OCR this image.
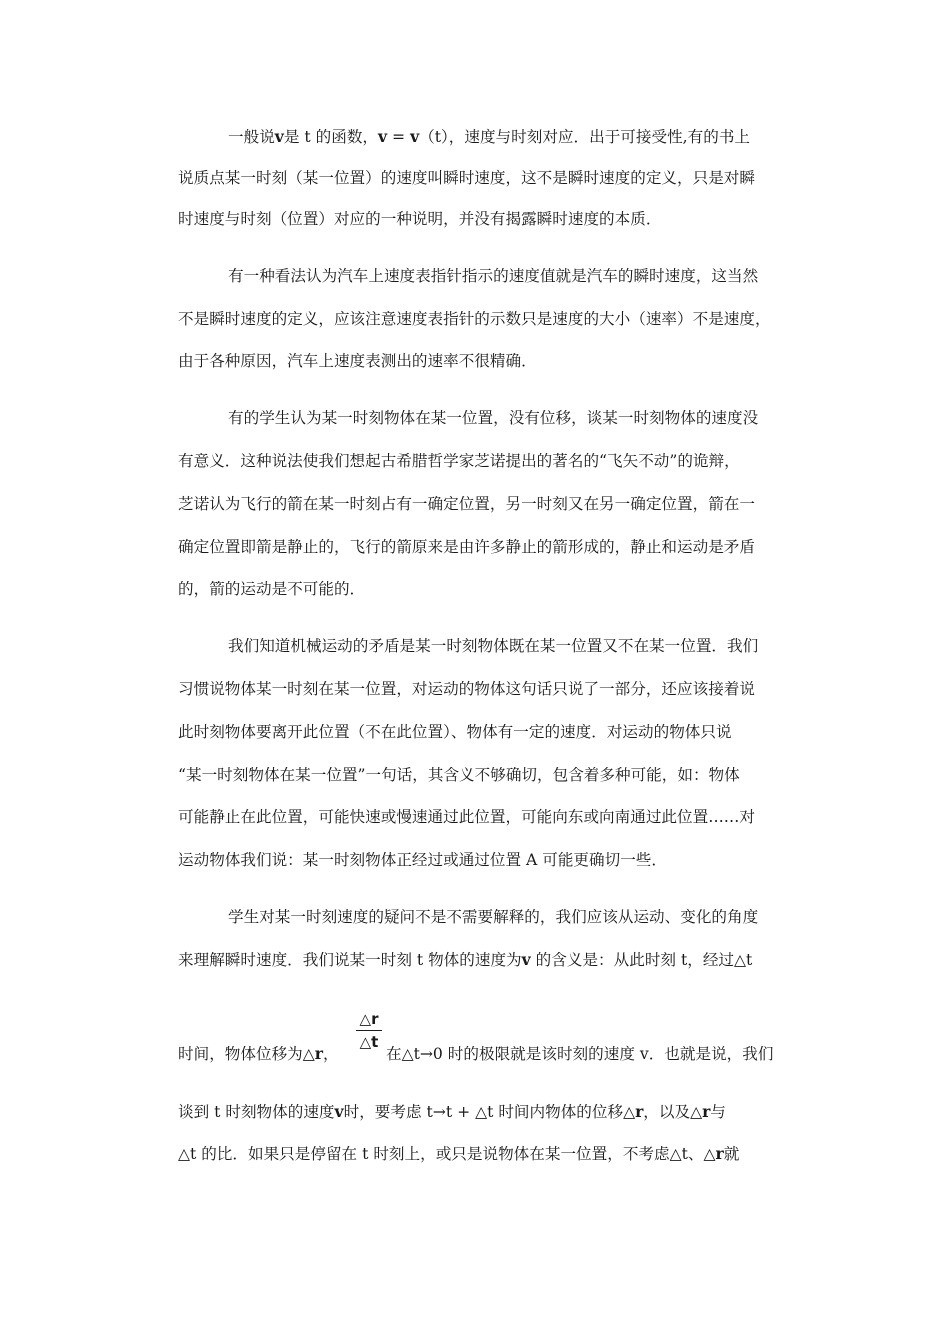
一般说v是 t 的函数，v = v（t），速度与时刻对应．出于可接受性,有的书上
说质点某一时刻（某一位置）的速度叫瞬时速度，这不是瞬时速度的定义，只是对瞬
时速度与时刻（位置）对应的一种说明，并没有揭露瞬时速度的本质．
有一种看法认为汽车上速度表指针指示的速度值就是汽车的瞬时速度，这当然
不是瞬时速度的定义，应该注意速度表指针的示数只是速度的大小（速率）不是速度，
由于各种原因，汽车上速度表测出的速率不很精确．
有的学生认为某一时刻物体在某一位置，没有位移，谈某一时刻物体的速度没
有意义．这种说法使我们想起古希腊哲学家芝诺提出的著名的“飞矢不动”的诡辩，
芝诺认为飞行的箭在某一时刻占有一确定位置，另一时刻又在另一确定位置，箭在一
确定位置即箭是静止的，飞行的箭原来是由许多静止的箭形成的，静止和运动是矛盾
的，箭的运动是不可能的．
我们知道机械运动的矛盾是某一时刻物体既在某一位置又不在某一位置．我们
习惯说物体某一时刻在某一位置，对运动的物体这句话只说了一部分，还应该接着说
此时刻物体要离开此位置（不在此位置）、物体有一定的速度．对运动的物体只说
“某一时刻物体在某一位置”一句话，其含义不够确切，包含着多种可能，如：物体
可能静止在此位置，可能快速或慢速通过此位置，可能向东或向南通过此位置……对
运动物体我们说：某一时刻物体正经过或通过位置 A 可能更确切一些．
学生对某一时刻速度的疑问不是不需要解释的，我们应该从运动、变化的角度
来理解瞬时速度．我们说某一时刻 t 物体的速度为v 的含义是：从此时刻 t，经过△t
时间，物体位移为△r，
△r
△t
在△t→0 时的极限就是该时刻的速度 v．也就是说，我们
谈到 t 时刻物体的速度v时，要考虑 t→t + △t 时间内物体的位移△r，以及△r与
△t 的比．如果只是停留在 t 时刻上，或只是说物体在某一位置，不考虑△t、△r就
